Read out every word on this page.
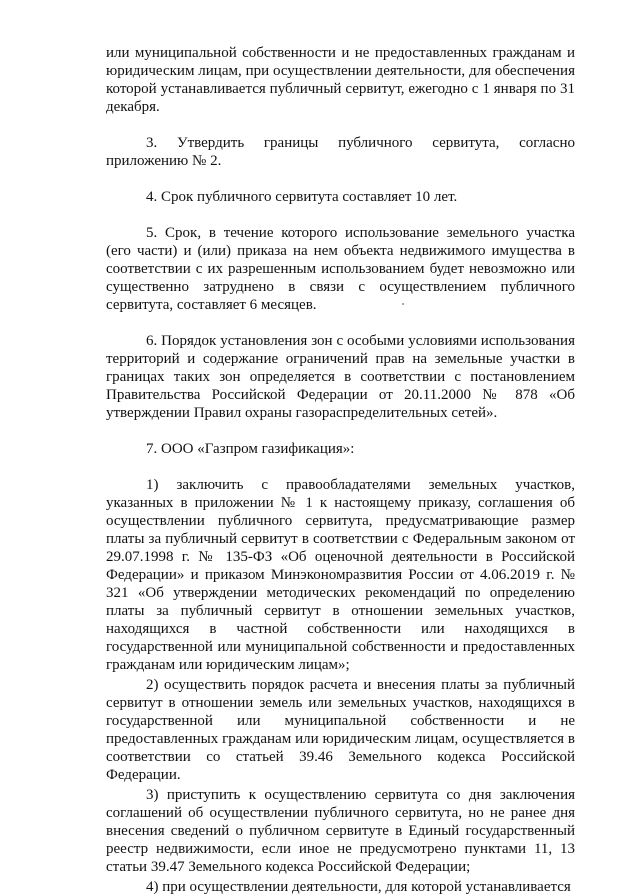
или муниципальной собственности и не предоставленных гражданам и юридическим лицам, при осуществлении деятельности, для обеспечения которой устанавливается публичный сервитут, ежегодно с 1 января по 31 декабря.

3. Утвердить границы публичного сервитута, согласно приложению № 2.

4. Срок публичного сервитута составляет 10 лет.

5. Срок, в течение которого использование земельного участка (его части) и (или) приказа на нем объекта недвижимого имущества в соответствии с их разрешенным использованием будет невозможно или существенно затруднено в связи с осуществлением публичного сервитута, составляет 6 месяцев.

6. Порядок установления зон с особыми условиями использования территорий и содержание ограничений прав на земельные участки в границах таких зон определяется в соответствии с постановлением Правительства Российской Федерации от 20.11.2000 № 878 «Об утверждении Правил охраны газораспределительных сетей».

7. ООО «Газпром газификация»:

1) заключить с правообладателями земельных участков, указанных в приложении № 1 к настоящему приказу, соглашения об осуществлении публичного сервитута, предусматривающие размер платы за публичный сервитут в соответствии с Федеральным законом от 29.07.1998 г. № 135-ФЗ «Об оценочной деятельности в Российской Федерации» и приказом Минэкономразвития России от 4.06.2019 г. № 321 «Об утверждении методических рекомендаций по определению платы за публичный сервитут в отношении земельных участков, находящихся в частной собственности или находящихся в государственной или муниципальной собственности и предоставленных гражданам или юридическим лицам»;

2) осуществить порядок расчета и внесения платы за публичный сервитут в отношении земель или земельных участков, находящихся в государственной или муниципальной собственности и не предоставленных гражданам или юридическим лицам, осуществляется в соответствии со статьей 39.46 Земельного кодекса Российской Федерации.

3) приступить к осуществлению сервитута со дня заключения соглашений об осуществлении публичного сервитута, но не ранее дня внесения сведений о публичном сервитуте в Единый государственный реестр недвижимости, если иное не предусмотрено пунктами 11, 13 статьи 39.47 Земельного кодекса Российской Федерации;

4) при осуществлении деятельности, для которой устанавливается
